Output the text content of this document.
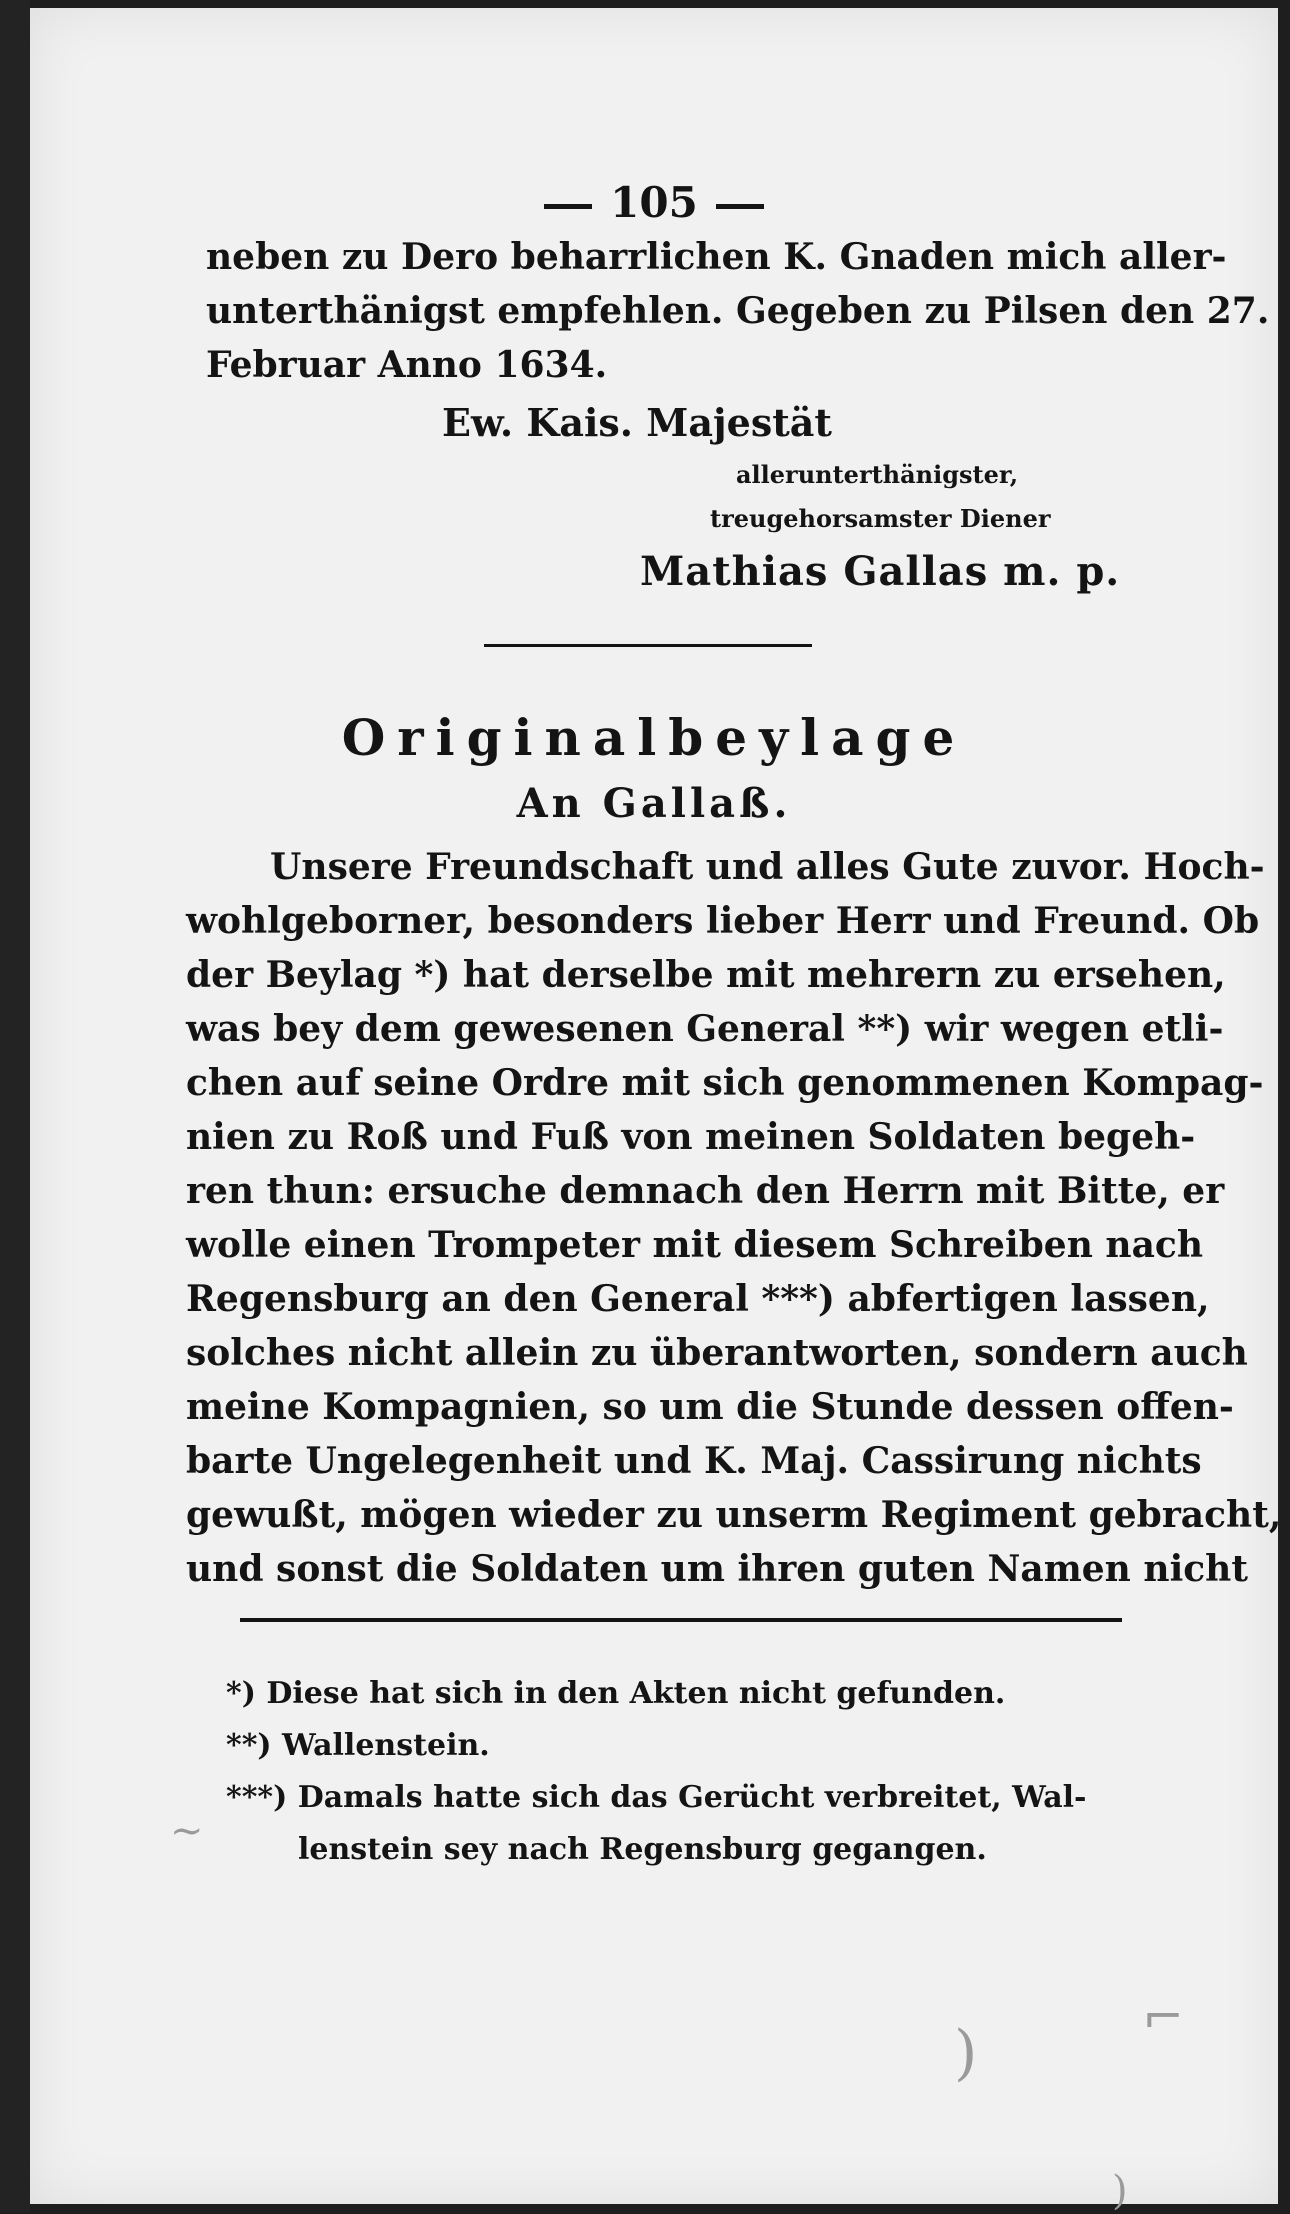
105
neben zu Dero beharrlichen K. Gnaden mich aller-
unterthänigst empfehlen. Gegeben zu Pilsen den 27.
Februar Anno 1634.
Ew. Kais. Majestät
allerunterthänigster,
treugehorsamster Diener
Mathias Gallas m. p.
Originalbeylage
An Gallaß.
Unsere Freundschaft und alles Gute zuvor. Hoch-
wohlgeborner, besonders lieber Herr und Freund. Ob
der Beylag *) hat derselbe mit mehrern zu ersehen,
was bey dem gewesenen General **) wir wegen etli-
chen auf seine Ordre mit sich genommenen Kompag-
nien zu Roß und Fuß von meinen Soldaten begeh-
ren thun: ersuche demnach den Herrn mit Bitte, er
wolle einen Trompeter mit diesem Schreiben nach
Regensburg an den General ***) abfertigen lassen,
solches nicht allein zu überantworten, sondern auch
meine Kompagnien, so um die Stunde dessen offen-
barte Ungelegenheit und K. Maj. Cassirung nichts
gewußt, mögen wieder zu unserm Regiment gebracht,
und sonst die Soldaten um ihren guten Namen nicht
*) Diese hat sich in den Akten nicht gefunden.
**) Wallenstein.
***) Damals hatte sich das Gerücht verbreitet, Wal-
lenstein sey nach Regensburg gegangen.
)
⌐
)
~
